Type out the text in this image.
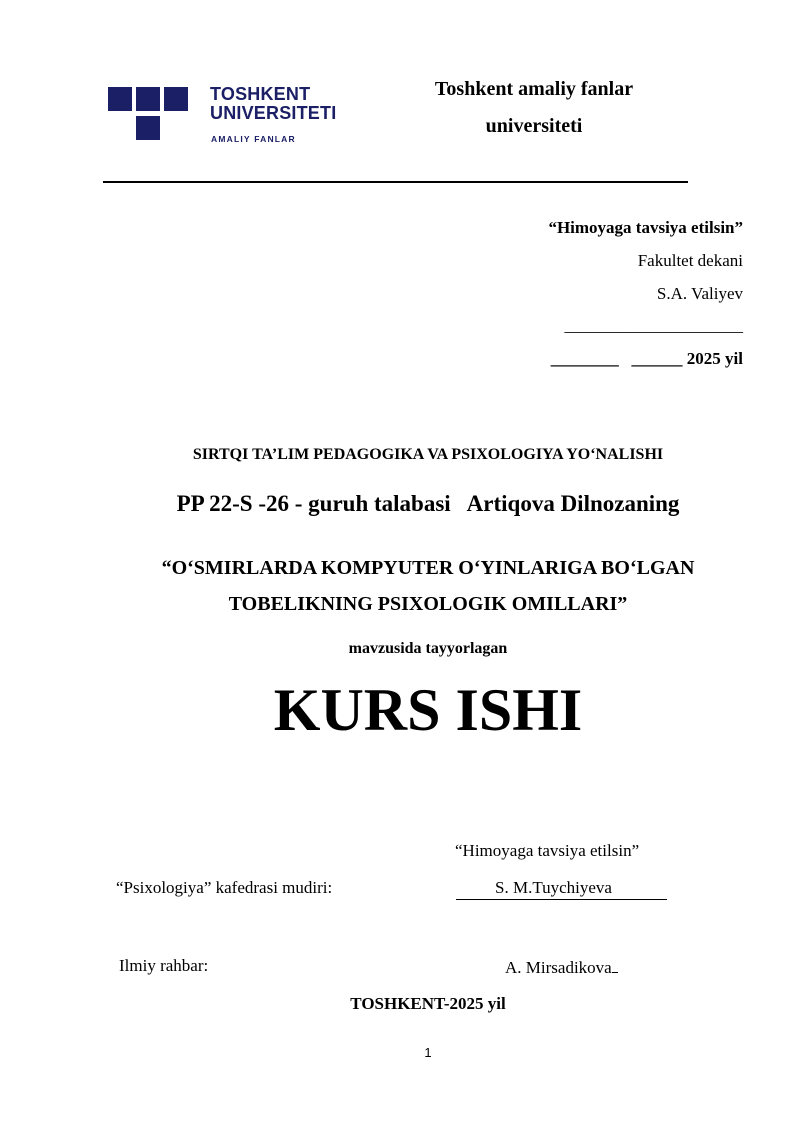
TOSHKENT
UNIVERSITETI
AMALIY FANLAR
Toshkent amaliy fanlar
universiteti
“Himoyaga tavsiya etilsin”
Fakultet dekani
S.A. Valiyev
_____________________
________ ______ 2025 yil
SIRTQI TA’LIM PEDAGOGIKA VA PSIXOLOGIYA YO‘NALISHI
PP 22-S -26 - guruh talabasi   Artiqova Dilnozaning
“O‘SMIRLARDA KOMPYUTER O‘YINLARIGA BO‘LGAN
TOBELIKNING PSIXOLOGIK OMILLARI”
mavzusida tayyorlagan
KURS ISHI
“Himoyaga tavsiya etilsin”
“Psixologiya” kafedrasi mudiri:	S. M.Tuychiyeva
Ilmiy rahbar:	A. Mirsadikova
TOSHKENT-2025 yil
1
